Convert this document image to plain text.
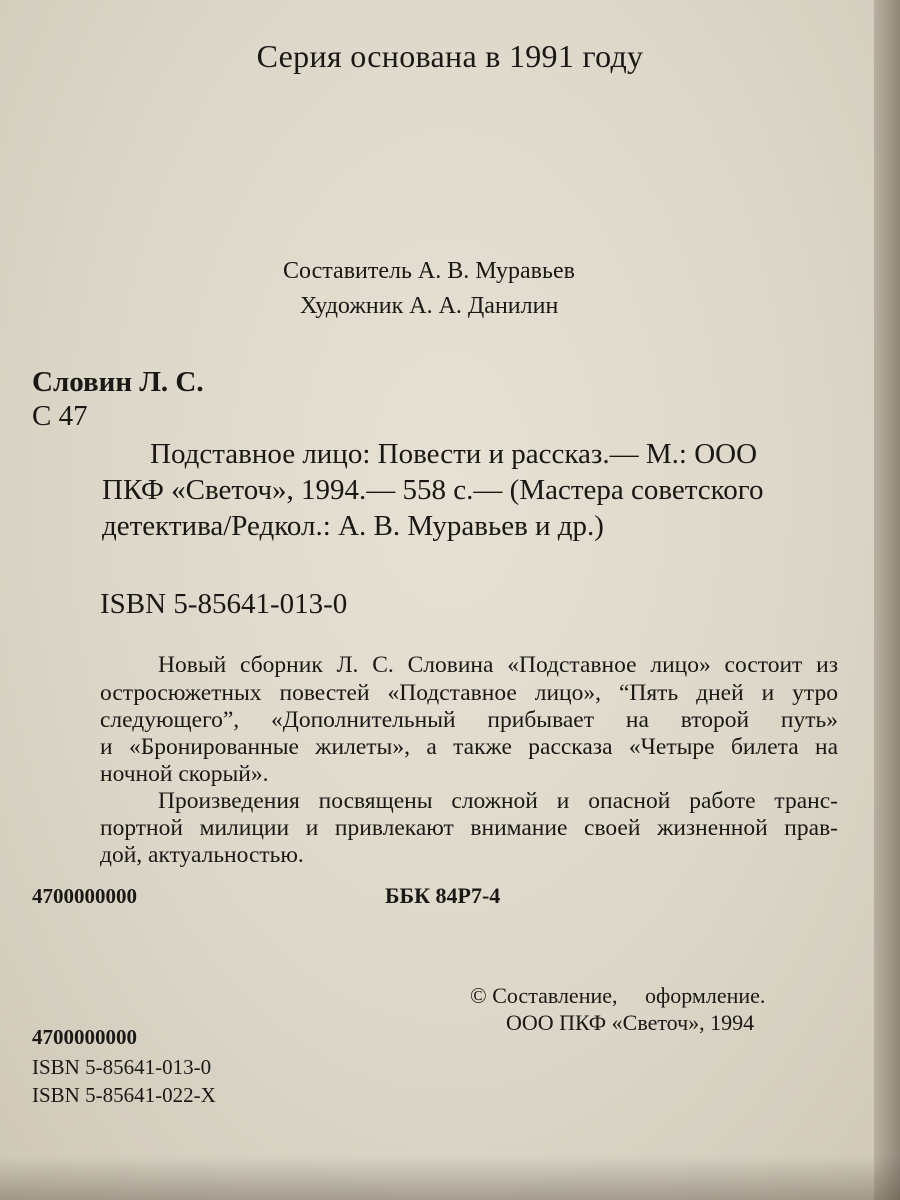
Серия основана в 1991 году

Составитель А. В. Муравьев

Художник А. А. Данилин

Словин Л. С.

С 47

Подставное лицо: Повести и рассказ.— М.: ООО

ПКФ «Светоч», 1994.— 558 с.— (Мастера советского

детектива/Редкол.: А. В. Муравьев и др.)

ISBN 5-85641-013-0

Новый сборник Л. С. Словина «Подставное лицо» состоит из

остросюжетных повестей «Подставное лицо», “Пять дней и утро

следующего”, «Дополнительный прибывает на второй путь»

и «Бронированные жилеты», а также рассказа «Четыре билета на

ночной скорый».

Произведения посвящены сложной и опасной работе транс-

портной милиции и привлекают внимание своей жизненной прав-

дой, актуальностью.

4700000000	ББК 84Р7-4

© Составление,     оформление.

ООО ПКФ «Светоч», 1994

4700000000

ISBN 5-85641-013-0

ISBN 5-85641-022-X
